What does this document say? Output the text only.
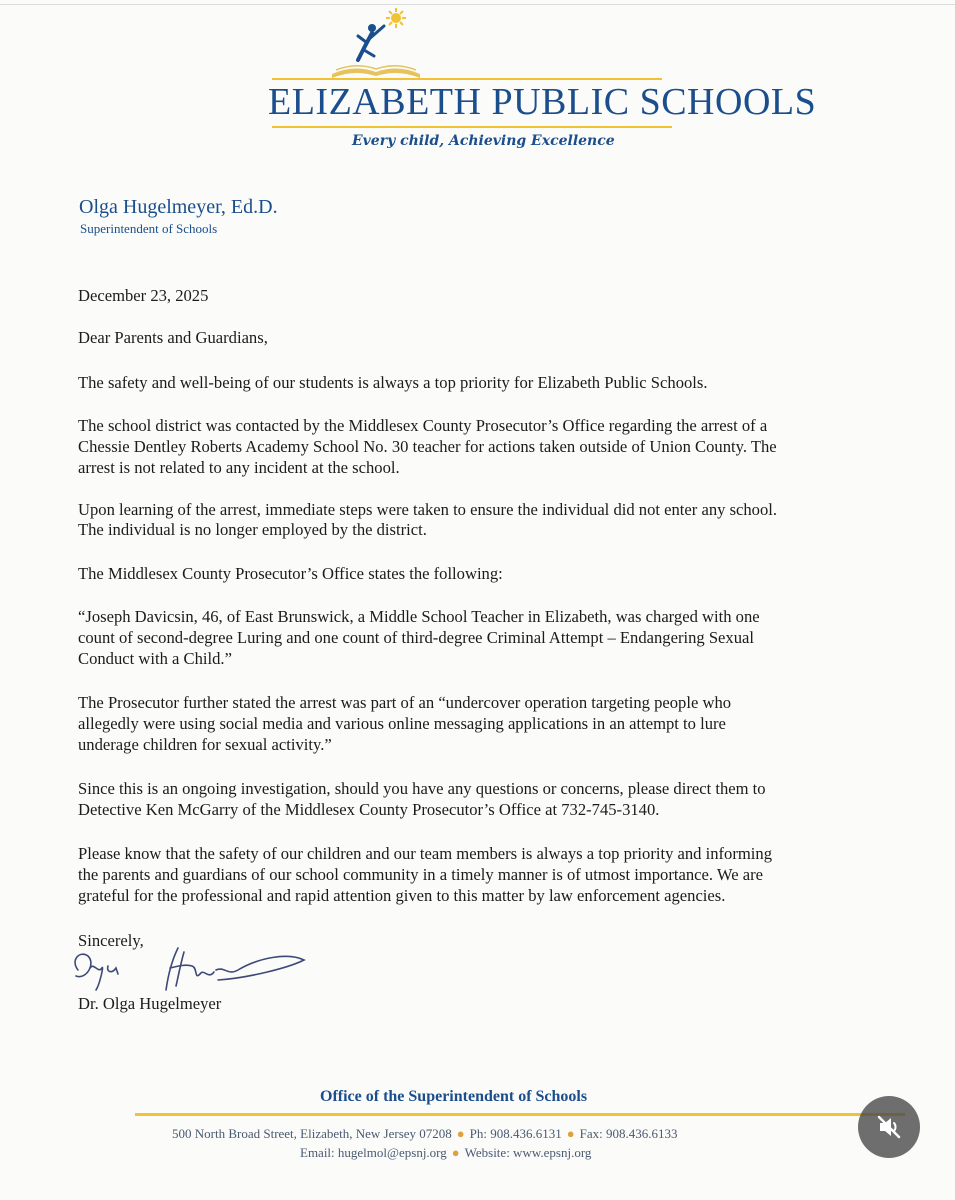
ELIZABETH PUBLIC SCHOOLS
Every child, Achieving Excellence
Olga Hugelmeyer, Ed.D.
Superintendent of Schools
December 23, 2025
Dear Parents and Guardians,
The safety and well-being of our students is always a top priority for Elizabeth Public Schools.
The school district was contacted by the Middlesex County Prosecutor’s Office regarding the arrest of a
Chessie Dentley Roberts Academy School No. 30 teacher for actions taken outside of Union County. The
arrest is not related to any incident at the school.
Upon learning of the arrest, immediate steps were taken to ensure the individual did not enter any school.
The individual is no longer employed by the district.
The Middlesex County Prosecutor’s Office states the following:
“Joseph Davicsin, 46, of East Brunswick, a Middle School Teacher in Elizabeth, was charged with one
count of second-degree Luring and one count of third-degree Criminal Attempt – Endangering Sexual
Conduct with a Child.”
The Prosecutor further stated the arrest was part of an “undercover operation targeting people who
allegedly were using social media and various online messaging applications in an attempt to lure
underage children for sexual activity.”
Since this is an ongoing investigation, should you have any questions or concerns, please direct them to
Detective Ken McGarry of the Middlesex County Prosecutor’s Office at 732-745-3140.
Please know that the safety of our children and our team members is always a top priority and informing
the parents and guardians of our school community in a timely manner is of utmost importance. We are
grateful for the professional and rapid attention given to this matter by law enforcement agencies.
Sincerely,
Dr. Olga Hugelmeyer
Office of the Superintendent of Schools
500 North Broad Street, Elizabeth, New Jersey 07208 ● Ph: 908.436.6131 ● Fax: 908.436.6133
Email: hugelmol@epsnj.org ● Website: www.epsnj.org
